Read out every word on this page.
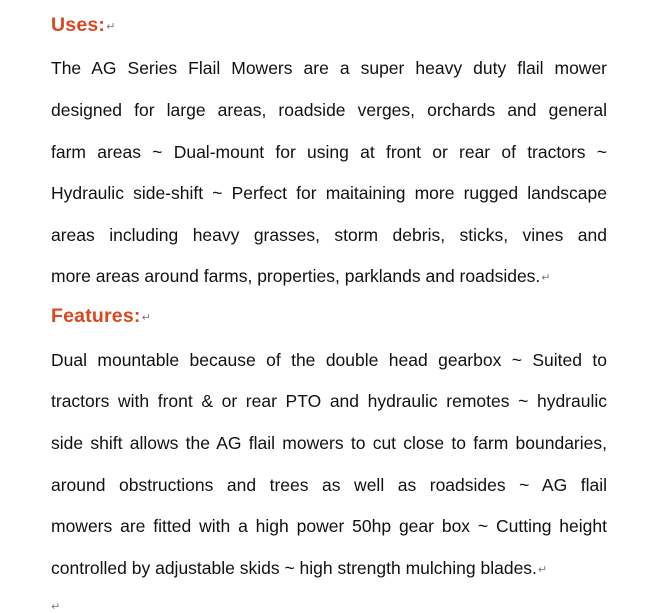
Uses:↵
The AG Series Flail Mowers are a super heavy duty flail mower
designed for large areas, roadside verges, orchards and general
farm areas ~ Dual-mount for using at front or rear of tractors ~
Hydraulic side-shift ~ Perfect for maitaining more rugged landscape
areas including heavy grasses, storm debris, sticks, vines and
more areas around farms, properties, parklands and roadsides.↵
Features:↵
Dual mountable because of the double head gearbox ~ Suited to
tractors with front & or rear PTO and hydraulic remotes ~ hydraulic
side shift allows the AG flail mowers to cut close to farm boundaries,
around obstructions and trees as well as roadsides ~ AG flail
mowers are fitted with a high power 50hp gear box ~ Cutting height
controlled by adjustable skids ~ high strength mulching blades.↵
↵
